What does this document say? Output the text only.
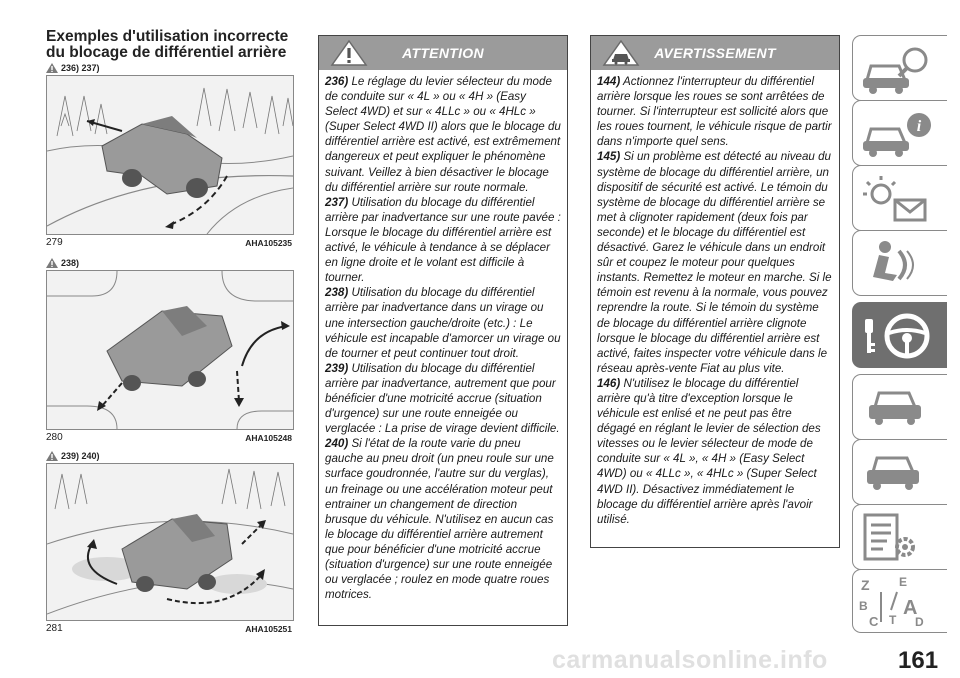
Exemples d'utilisation incorrecte
du blocage de différentiel arrière
236) 237)
279	AHA105235
238)
280	AHA105248
239) 240)
281	AHA105251
ATTENTION

236) Le réglage du levier sélecteur du mode de conduite sur « 4L » ou « 4H » (Easy Select 4WD) et sur « 4LLc » ou « 4HLc » (Super Select 4WD II) alors que le blocage du différentiel arrière est activé, est extrêmement dangereux et peut expliquer le phénomène suivant. Veillez à bien désactiver le blocage du différentiel arrière sur route normale.

237) Utilisation du blocage du différentiel arrière par inadvertance sur une route pavée : Lorsque le blocage du différentiel arrière est activé, le véhicule à tendance à se déplacer en ligne droite et le volant est difficile à tourner.

238) Utilisation du blocage du différentiel arrière par inadvertance dans un virage ou une intersection gauche/droite (etc.) : Le véhicule est incapable d'amorcer un virage ou de tourner et peut continuer tout droit.

239) Utilisation du blocage du différentiel arrière par inadvertance, autrement que pour bénéficier d'une motricité accrue (situation d'urgence) sur une route enneigée ou verglacée : La prise de virage devient difficile.

240) Si l'état de la route varie du pneu gauche au pneu droit (un pneu roule sur une surface goudronnée, l'autre sur du verglas), un freinage ou une accélération moteur peut entrainer un changement de direction brusque du véhicule. N'utilisez en aucun cas le blocage du différentiel arrière autrement que pour bénéficier d'une motricité accrue (situation d'urgence) sur une route enneigée ou verglacée ; roulez en mode quatre roues motrices.

AVERTISSEMENT

144) Actionnez l'interrupteur du différentiel arrière lorsque les roues se sont arrêtées de tourner. Si l'interrupteur est sollicité alors que les roues tournent, le véhicule risque de partir dans n'importe quel sens.

145) Si un problème est détecté au niveau du système de blocage du différentiel arrière, un dispositif de sécurité est activé. Le témoin du système de blocage du différentiel arrière se met à clignoter rapidement (deux fois par seconde) et le blocage du différentiel est désactivé. Garez le véhicule dans un endroit sûr et coupez le moteur pour quelques instants. Remettez le moteur en marche. Si le témoin est revenu à la normale, vous pouvez reprendre la route. Si le témoin du système de blocage du différentiel arrière clignote lorsque le blocage du différentiel arrière est activé, faites inspecter votre véhicule dans le réseau après-vente Fiat au plus vite.

146) N'utilisez le blocage du différentiel arrière qu'à titre d'exception lorsque le véhicule est enlisé et ne peut pas être dégagé en réglant le levier de sélection des vitesses ou le levier sélecteur de mode de conduite sur « 4L », « 4H » (Easy Select 4WD) ou « 4LLc », « 4HLc » (Super Select 4WD II). Désactivez immédiatement le blocage du différentiel arrière après l'avoir utilisé.

i
Z E
B A
C T D
carmanualsonline.info	161
